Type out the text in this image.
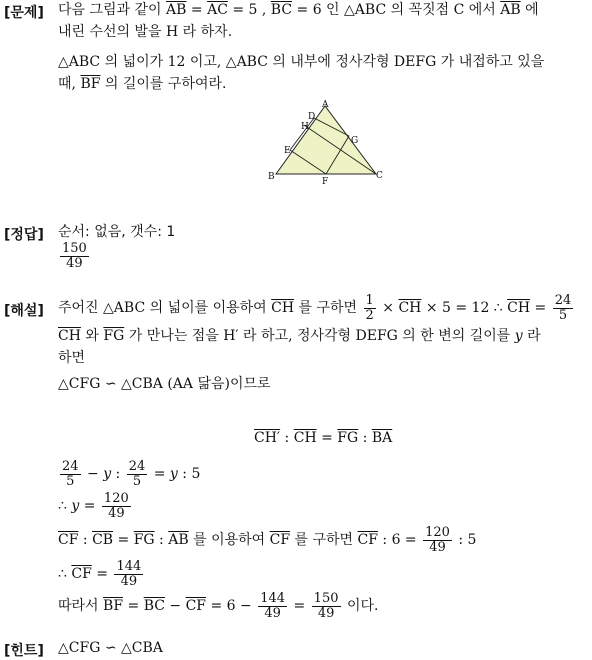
[문제] 다음 그림과 같이 $\overline{AB} = \overline{AC} = 5$ , $\overline{BC} = 6$ 인 △ABC 의 꼭짓점 C 에서 $\overline{AB}$ 에
내린 수선의 발을 H 라 하자.
△ABC 의 넓이가 12 이고, △ABC 의 내부에 정사각형 DEFG 가 내접하고 있을
때, $\overline{BF}$ 의 길이를 구하여라.
A
D
H
G
E
B	F
C
[정답] 순서: 없음, 갯수: 1
$\frac{150}{49}$
[해설] 주어진 △ABC 의 넓이를 이용하여 $\overline{CH}$ 를 구하면 $\frac{1}{2} \times \overline{CH} \times 5 = 12$ ∴ $\overline{CH} = \frac{24}{5}$
$\overline{CH}$ 와 $\overline{FG}$ 가 만나는 점을 H′ 라 하고, 정사각형 DEFG 의 한 변의 길이를 y 라
하면
△CFG ∽ △CBA (AA 닮음)이므로
CH′ : $\overline{CH} = \overline{FG}$ : $\overline{BA}$
$\frac{24}{5} - y$ : $\frac{24}{5} = y$ : 5
∴ $y = \frac{120}{49}$
$\overline{CF}$ : $\overline{CB} = \overline{FG}$ : $\overline{AB}$ 를 이용하여 $\overline{CF}$ 를 구하면 $\overline{CF}$ : $6 = \frac{120}{49}$ : 5
∴ $\overline{CF} = \frac{144}{49}$
따라서 $\overline{BF} = \overline{BC} - \overline{CF} = 6 - \frac{144}{49} = \frac{150}{49}$ 이다.
[힌트] △CFG ∽ △CBA
